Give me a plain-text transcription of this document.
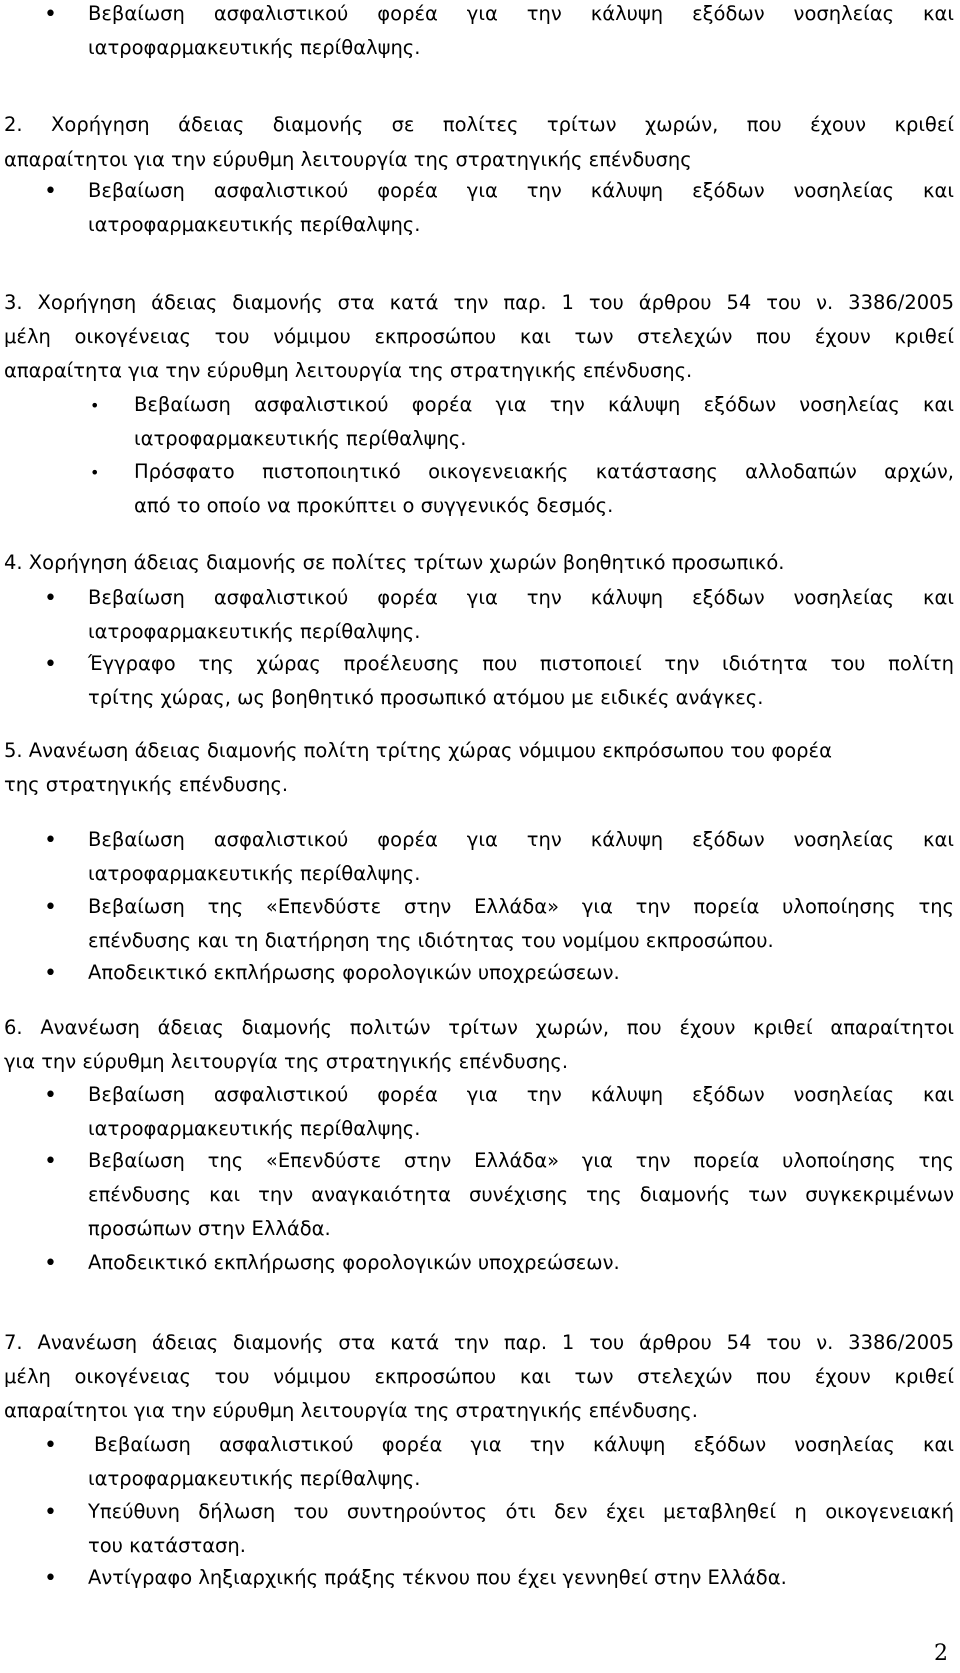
• Βεβαίωση ασφαλιστικού φορέα για την κάλυψη εξόδων νοσηλείας και
ιατροφαρμακευτικής περίθαλψης.
2. Χορήγηση άδειας διαμονής σε πολίτες τρίτων χωρών, που έχουν κριθεί
απαραίτητοι για την εύρυθμη λειτουργία της στρατηγικής επένδυσης
• Βεβαίωση ασφαλιστικού φορέα για την κάλυψη εξόδων νοσηλείας και
ιατροφαρμακευτικής περίθαλψης.
3. Χορήγηση άδειας διαμονής στα κατά την παρ. 1 του άρθρου 54 του ν. 3386/2005
μέλη οικογένειας του νόμιμου εκπροσώπου και των στελεχών που έχουν κριθεί
απαραίτητα για την εύρυθμη λειτουργία της στρατηγικής επένδυσης.
• Βεβαίωση ασφαλιστικού φορέα για την κάλυψη εξόδων νοσηλείας και
ιατροφαρμακευτικής περίθαλψης.
• Πρόσφατο πιστοποιητικό οικογενειακής κατάστασης αλλοδαπών αρχών,
από το οποίο να προκύπτει ο συγγενικός δεσμός.
4. Χορήγηση άδειας διαμονής σε πολίτες τρίτων χωρών βοηθητικό προσωπικό.
• Βεβαίωση ασφαλιστικού φορέα για την κάλυψη εξόδων νοσηλείας και
ιατροφαρμακευτικής περίθαλψης.
• Έγγραφο της χώρας προέλευσης που πιστοποιεί την ιδιότητα του πολίτη
τρίτης χώρας, ως βοηθητικό προσωπικό ατόμου με ειδικές ανάγκες.
5. Ανανέωση άδειας διαμονής πολίτη τρίτης χώρας νόμιμου εκπρόσωπου του φορέα
της στρατηγικής επένδυσης.
• Βεβαίωση ασφαλιστικού φορέα για την κάλυψη εξόδων νοσηλείας και
ιατροφαρμακευτικής περίθαλψης.
• Βεβαίωση της «Επενδύστε στην Ελλάδα» για την πορεία υλοποίησης της
επένδυσης και τη διατήρηση της ιδιότητας του νομίμου εκπροσώπου.
• Αποδεικτικό εκπλήρωσης φορολογικών υποχρεώσεων.
6. Ανανέωση άδειας διαμονής πολιτών τρίτων χωρών, που έχουν κριθεί απαραίτητοι
για την εύρυθμη λειτουργία της στρατηγικής επένδυσης.
• Βεβαίωση ασφαλιστικού φορέα για την κάλυψη εξόδων νοσηλείας και
ιατροφαρμακευτικής περίθαλψης.
• Βεβαίωση της «Επενδύστε στην Ελλάδα» για την πορεία υλοποίησης της
επένδυσης και την αναγκαιότητα συνέχισης της διαμονής των συγκεκριμένων
προσώπων στην Ελλάδα.
• Αποδεικτικό εκπλήρωσης φορολογικών υποχρεώσεων.
7. Ανανέωση άδειας διαμονής στα κατά την παρ. 1 του άρθρου 54 του ν. 3386/2005
μέλη οικογένειας του νόμιμου εκπροσώπου και των στελεχών που έχουν κριθεί
απαραίτητοι για την εύρυθμη λειτουργία της στρατηγικής επένδυσης.
• Βεβαίωση ασφαλιστικού φορέα για την κάλυψη εξόδων νοσηλείας και
ιατροφαρμακευτικής περίθαλψης.
• Υπεύθυνη δήλωση του συντηρούντος ότι δεν έχει μεταβληθεί η οικογενειακή
του κατάσταση.
• Αντίγραφο ληξιαρχικής πράξης τέκνου που έχει γεννηθεί στην Ελλάδα.
2
